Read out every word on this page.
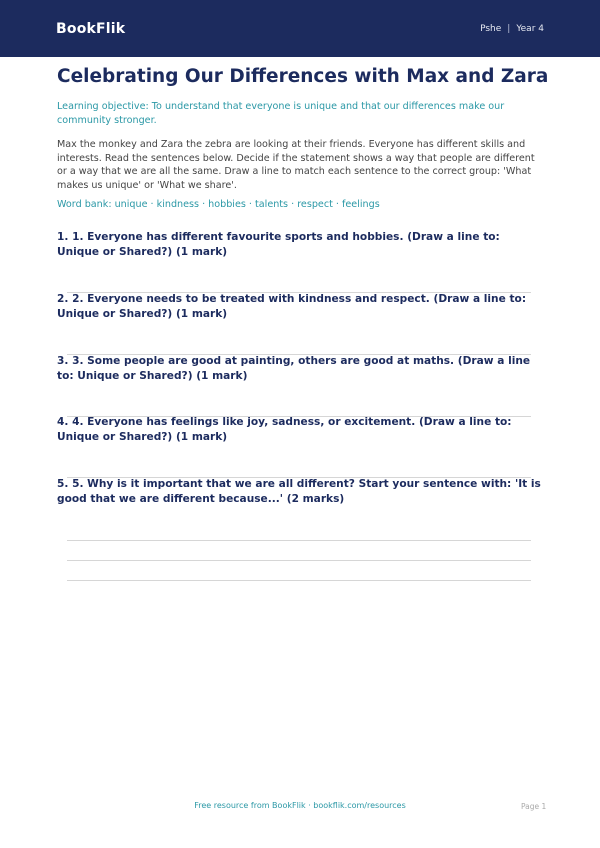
BookFlik	Pshe | Year 4
Celebrating Our Differences with Max and Zara

Learning objective: To understand that everyone is unique and that our differences make our community stronger.

Max the monkey and Zara the zebra are looking at their friends. Everyone has different skills and interests. Read the sentences below. Decide if the statement shows a way that people are different or a way that we are all the same. Draw a line to match each sentence to the correct group: 'What makes us unique' or 'What we share'.

Word bank: unique · kindness · hobbies · talents · respect · feelings

1. 1. Everyone has different favourite sports and hobbies. (Draw a line to: Unique or Shared?) (1 mark)
2. 2. Everyone needs to be treated with kindness and respect. (Draw a line to: Unique or Shared?) (1 mark)
3. 3. Some people are good at painting, others are good at maths. (Draw a line to: Unique or Shared?) (1 mark)
4. 4. Everyone has feelings like joy, sadness, or excitement. (Draw a line to: Unique or Shared?) (1 mark)
5. 5. Why is it important that we are all different? Start your sentence with: 'It is good that we are different because...' (2 marks)
Free resource from BookFlik · bookflik.com/resources	Page 1
